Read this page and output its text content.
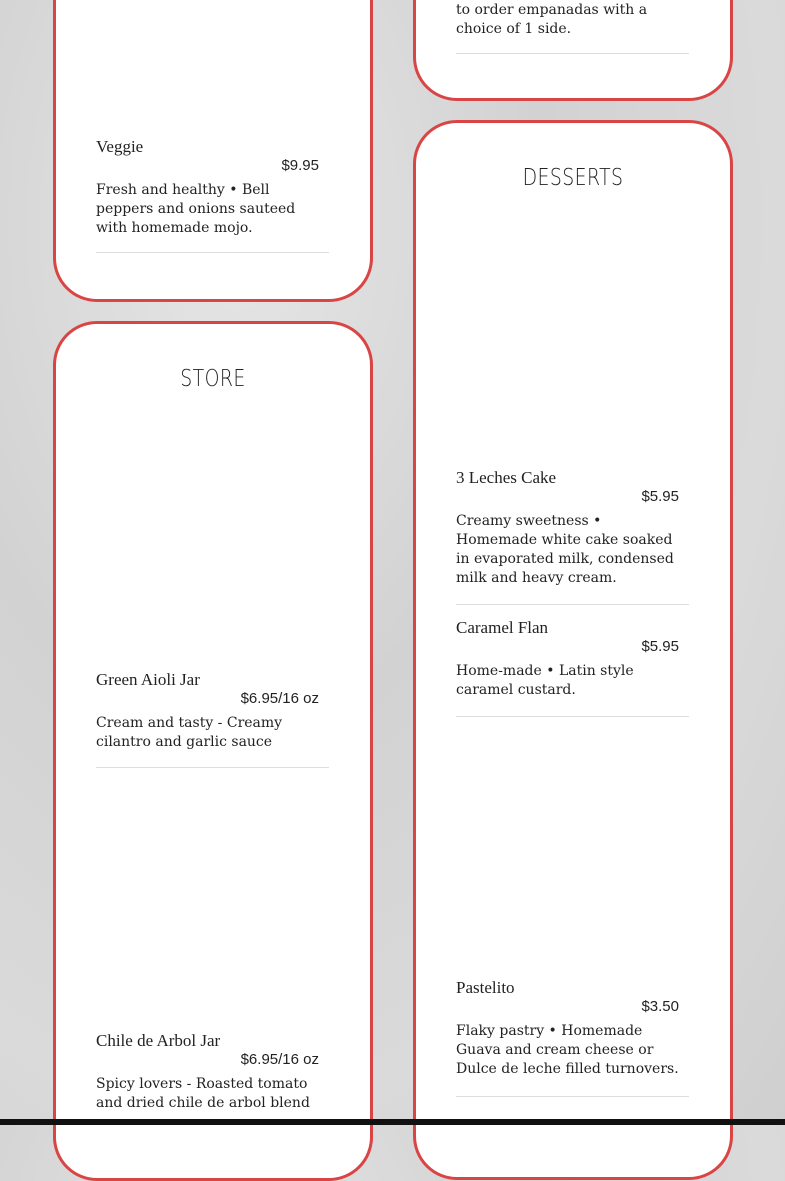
Veggie
$9.95
Fresh and healthy • Bell peppers and onions sauteed with homemade mojo.
to order empanadas with a
choice of 1 side.
STORE
Green Aioli Jar
$6.95/16 oz
Cream and tasty - Creamy cilantro and garlic sauce
Chile de Arbol Jar
$6.95/16 oz
Spicy lovers - Roasted tomato and dried chile de arbol blend
DESSERTS
3 Leches Cake
$5.95
Creamy sweetness • Homemade white cake soaked in evaporated milk, condensed milk and heavy cream.
Caramel Flan
$5.95
Home-made • Latin style caramel custard.
Pastelito
$3.50
Flaky pastry • Homemade Guava and cream cheese or Dulce de leche filled turnovers.
